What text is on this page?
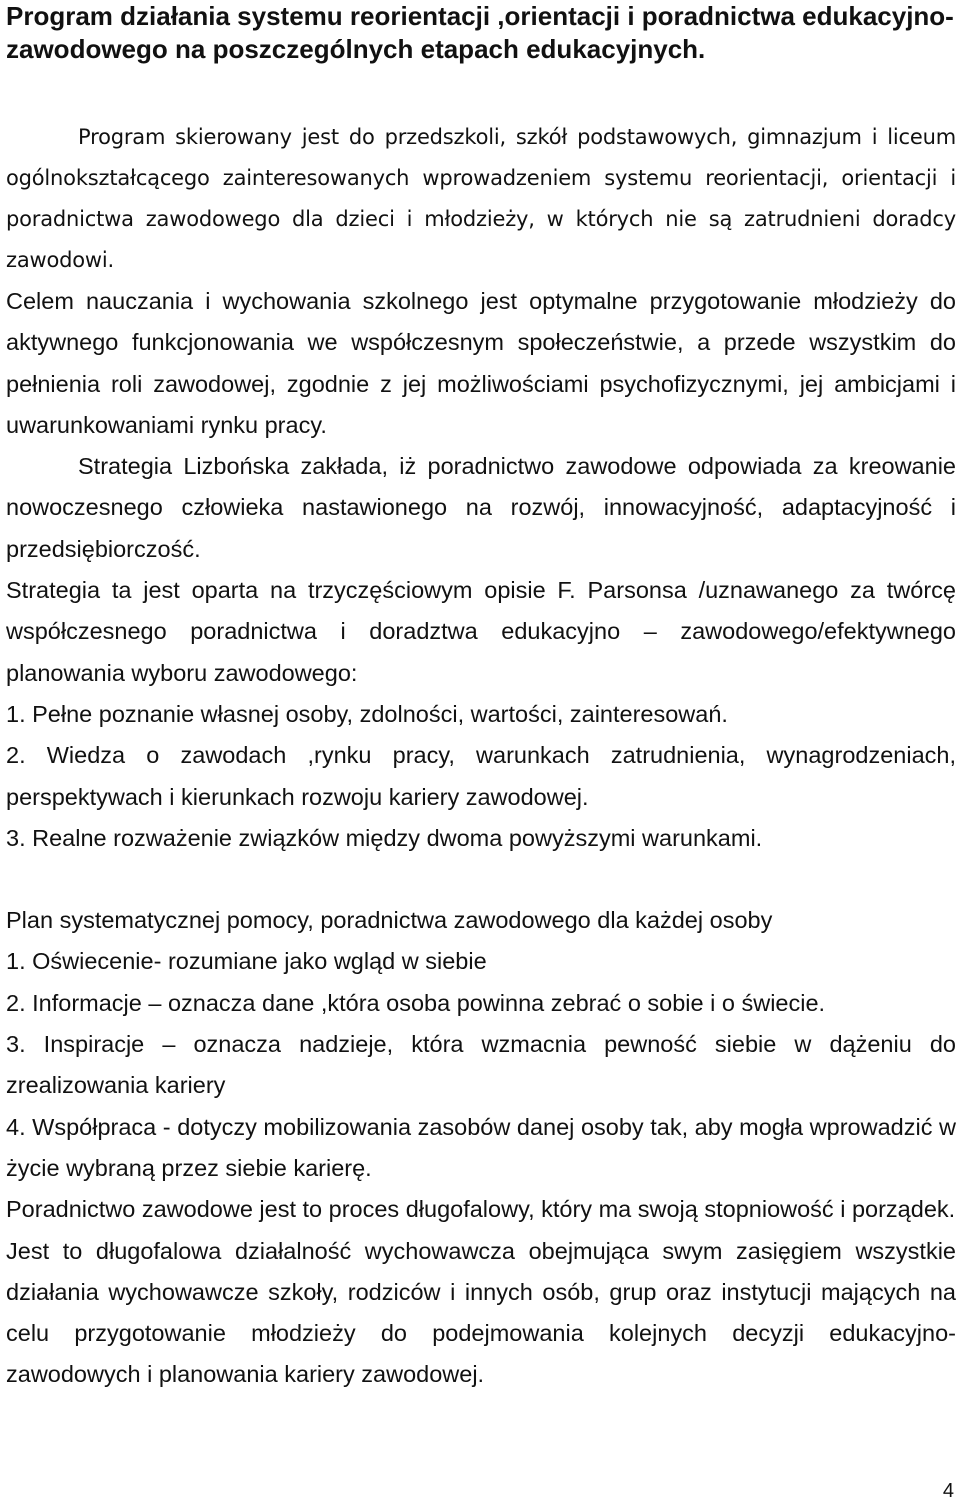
Program działania systemu reorientacji ,orientacji i poradnictwa edukacyjno-zawodowego na poszczególnych etapach edukacyjnych.

Program skierowany jest do przedszkoli, szkół podstawowych, gimnazjum i liceum ogólnokształcącego zainteresowanych wprowadzeniem systemu reorientacji, orientacji i poradnictwa zawodowego dla dzieci i młodzieży, w których nie są zatrudnieni doradcy zawodowi.

Celem nauczania i wychowania szkolnego jest optymalne przygotowanie młodzieży do aktywnego funkcjonowania we współczesnym społeczeństwie, a przede wszystkim do pełnienia roli zawodowej, zgodnie z jej możliwościami psychofizycznymi, jej ambicjami i uwarunkowaniami rynku pracy.

Strategia Lizbońska zakłada, iż poradnictwo zawodowe odpowiada za kreowanie nowoczesnego człowieka nastawionego na rozwój, innowacyjność, adaptacyjność i przedsiębiorczość.

Strategia ta jest oparta na trzyczęściowym opisie F. Parsonsa /uznawanego za twórcę współczesnego poradnictwa i doradztwa edukacyjno – zawodowego/efektywnego planowania wyboru zawodowego:

1. Pełne poznanie własnej osoby, zdolności, wartości, zainteresowań.

2. Wiedza o zawodach ,rynku pracy, warunkach zatrudnienia, wynagrodzeniach, perspektywach i kierunkach rozwoju kariery zawodowej.

3. Realne rozważenie związków między dwoma powyższymi warunkami.

Plan systematycznej pomocy, poradnictwa zawodowego dla każdej osoby

1. Oświecenie- rozumiane jako wgląd w siebie

2. Informacje – oznacza dane ,która osoba powinna zebrać o sobie i o świecie.

3. Inspiracje – oznacza nadzieje, która wzmacnia pewność siebie w dążeniu do zrealizowania kariery

4. Współpraca - dotyczy mobilizowania zasobów danej osoby tak, aby mogła wprowadzić w życie wybraną przez siebie karierę.

Poradnictwo zawodowe jest to proces długofalowy, który ma swoją stopniowość i porządek.

Jest to długofalowa działalność wychowawcza obejmująca swym zasięgiem wszystkie działania wychowawcze szkoły, rodziców i innych osób, grup oraz instytucji mających na celu przygotowanie młodzieży do podejmowania kolejnych decyzji edukacyjno-zawodowych i planowania kariery zawodowej.

4
